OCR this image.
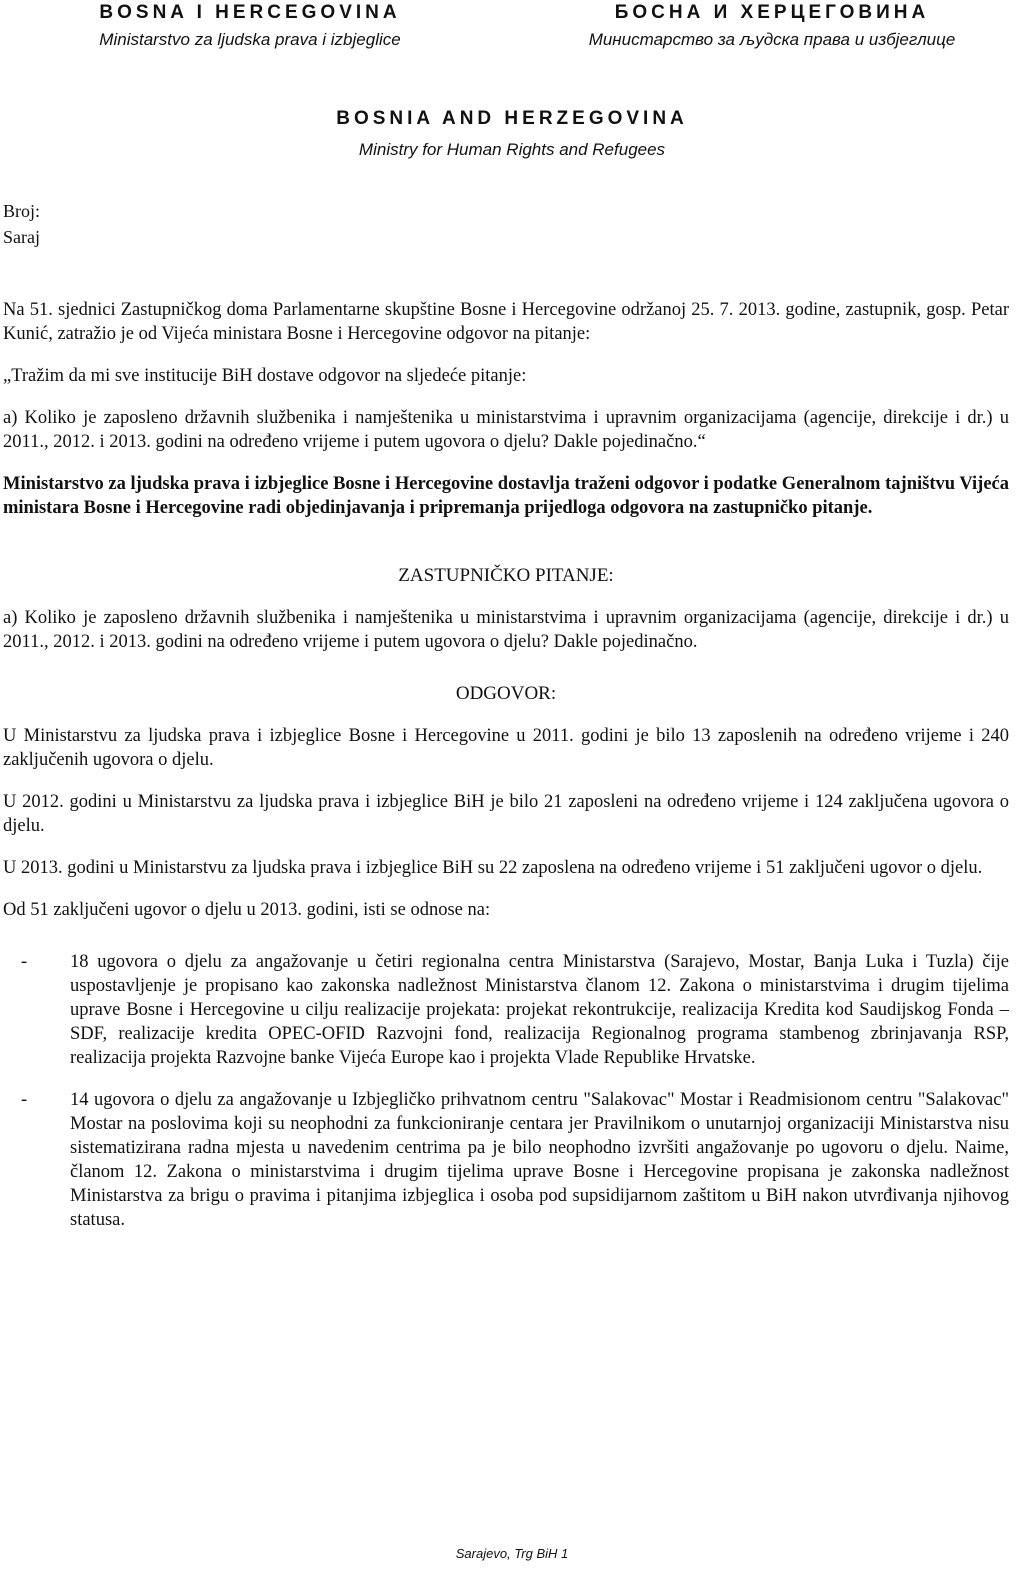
BOSNA I HERCEGOVINA
Ministarstvo za ljudska prava i izbjeglice
БОСНА И ХЕРЦЕГОВИНА
Министарство за људска права и избјеглице
BOSNIA AND HERZEGOVINA
Ministry for Human Rights and Refugees
Broj:
Saraj

Na 51. sjednici Zastupničkog doma Parlamentarne skupštine Bosne i Hercegovine održanoj 25. 7. 2013. godine, zastupnik, gosp. Petar Kunić, zatražio je od Vijeća ministara Bosne i Hercegovine odgovor na pitanje:

„Tražim da mi sve institucije BiH dostave odgovor na sljedeće pitanje:

a) Koliko je zaposleno državnih službenika i namještenika u ministarstvima i upravnim organizacijama (agencije, direkcije i dr.) u 2011., 2012. i 2013. godini na određeno vrijeme i putem ugovora o djelu? Dakle pojedinačno.“

Ministarstvo za ljudska prava i izbjeglice Bosne i Hercegovine dostavlja traženi odgovor i podatke Generalnom tajništvu Vijeća ministara Bosne i Hercegovine radi objedinjavanja i pripremanja prijedloga odgovora na zastupničko pitanje.

ZASTUPNIČKO PITANJE:

a) Koliko je zaposleno državnih službenika i namještenika u ministarstvima i upravnim organizacijama (agencije, direkcije i dr.) u 2011., 2012. i 2013. godini na određeno vrijeme i putem ugovora o djelu? Dakle pojedinačno.

ODGOVOR:

U Ministarstvu za ljudska prava i izbjeglice Bosne i Hercegovine u 2011. godini je bilo 13 zaposlenih na određeno vrijeme i 240 zaključenih ugovora o djelu.

U 2012. godini u Ministarstvu za ljudska prava i izbjeglice BiH je bilo 21 zaposleni na određeno vrijeme i 124 zaključena ugovora o djelu.

U 2013. godini u Ministarstvu za ljudska prava i izbjeglice BiH su 22 zaposlena na određeno vrijeme i 51 zaključeni ugovor o djelu.

Od 51 zaključeni ugovor o djelu u 2013. godini, isti se odnose na:

-	18 ugovora o djelu za angažovanje u četiri regionalna centra Ministarstva (Sarajevo, Mostar, Banja Luka i Tuzla) čije uspostavljenje je propisano kao zakonska nadležnost Ministarstva članom 12. Zakona o ministarstvima i drugim tijelima uprave Bosne i Hercegovine u cilju realizacije projekata: projekat rekontrukcije, realizacija Kredita kod Saudijskog Fonda – SDF, realizacije kredita OPEC-OFID Razvojni fond, realizacija Regionalnog programa stambenog zbrinjavanja RSP, realizacija projekta Razvojne banke Vijeća Europe kao i projekta Vlade Republike Hrvatske.
-	14 ugovora o djelu za angažovanje u Izbjegličko prihvatnom centru "Salakovac" Mostar i Readmisionom centru "Salakovac" Mostar na poslovima koji su neophodni za funkcioniranje centara jer Pravilnikom o unutarnjoj organizaciji Ministarstva nisu sistematizirana radna mjesta u navedenim centrima pa je bilo neophodno izvršiti angažovanje po ugovoru o djelu. Naime, članom 12. Zakona o ministarstvima i drugim tijelima uprave Bosne i Hercegovine propisana je zakonska nadležnost Ministarstva za brigu o pravima i pitanjima izbjeglica i osoba pod supsidijarnom zaštitom u BiH nakon utvrđivanja njihovog statusa.
Sarajevo, Trg BiH 1
